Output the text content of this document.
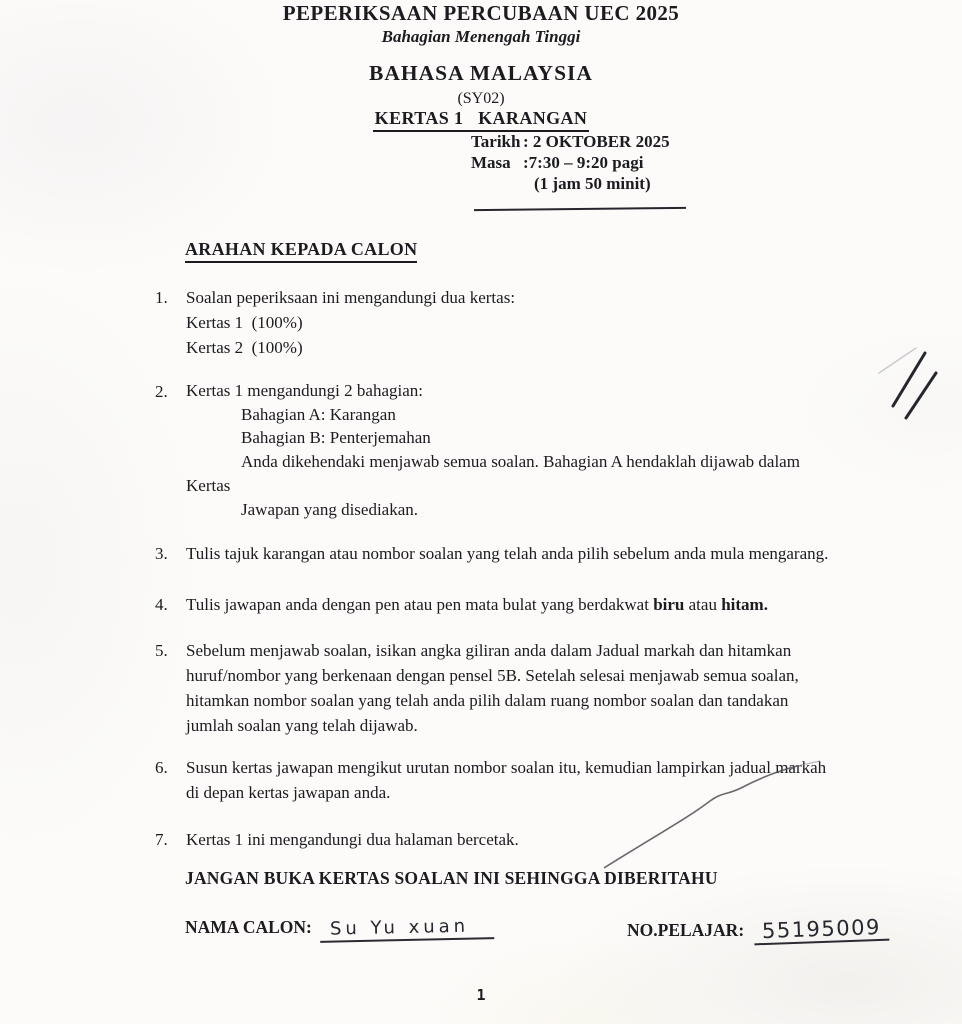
PEPERIKSAAN PERCUBAAN UEC 2025
Bahagian Menengah Tinggi
BAHASA MALAYSIA
(SY02)
KERTAS 1   KARANGAN
Tarikh : 2 OKTOBER 2025
Masa :7:30 – 9:20 pagi
(1 jam 50 minit)
ARAHAN KEPADA CALON
1.	Soalan peperiksaan ini mengandungi dua kertas:
Kertas 1  (100%)
Kertas 2  (100%)
2.	Kertas 1 mengandungi 2 bahagian:
Bahagian A: Karangan
Bahagian B: Penterjemahan
Anda dikehendaki menjawab semua soalan. Bahagian A hendaklah dijawab dalam
Kertas
Jawapan yang disediakan.
3.	Tulis tajuk karangan atau nombor soalan yang telah anda pilih sebelum anda mula mengarang.
4.	Tulis jawapan anda dengan pen atau pen mata bulat yang berdakwat biru atau hitam.
5.	Sebelum menjawab soalan, isikan angka giliran anda dalam Jadual markah dan hitamkan
huruf/nombor yang berkenaan dengan pensel 5B. Setelah selesai menjawab semua soalan,
hitamkan nombor soalan yang telah anda pilih dalam ruang nombor soalan dan tandakan
jumlah soalan yang telah dijawab.
6.	Susun kertas jawapan mengikut urutan nombor soalan itu, kemudian lampirkan jadual markah
di depan kertas jawapan anda.
7.	Kertas 1 ini mengandungi dua halaman bercetak.
JANGAN BUKA KERTAS SOALAN INI SEHINGGA DIBERITAHU
NAMA CALON: Su Yu xuan	NO.PELAJAR: 55195009
1
